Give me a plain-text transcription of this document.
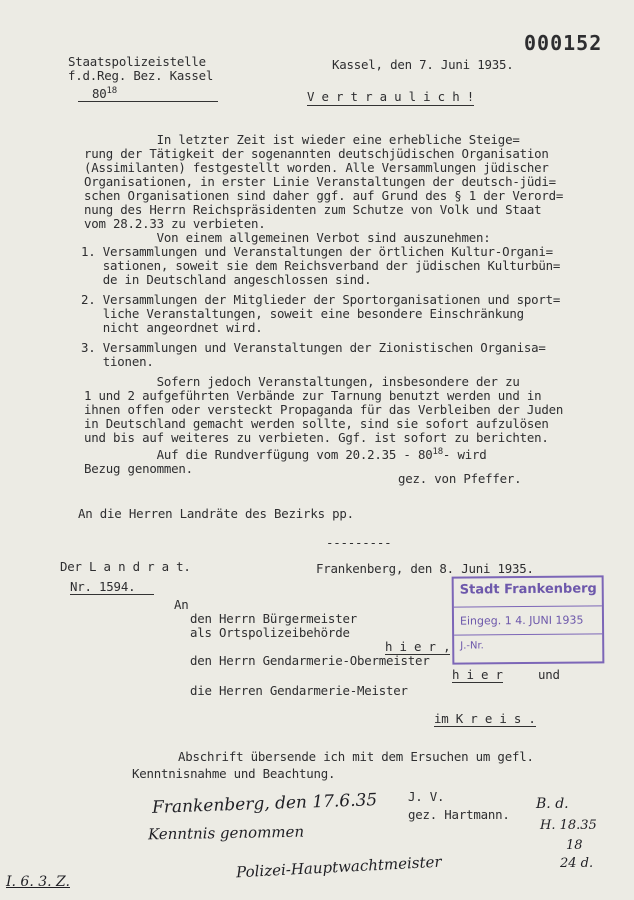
000152
Staatspolizeistelle
f.d.Reg. Bez. Kassel
$80^{18}$
Kassel, den 7. Juni 1935.
V e r t r a u l i c h !

In letzter Zeit ist wieder eine erhebliche Steige=

rung der Tätigkeit der sogenannten deutschjüdischen Organisation

(Assimilanten) festgestellt worden. Alle Versammlungen jüdischer

Organisationen, in erster Linie Veranstaltungen der deutsch-jüdi=

schen Organisationen sind daher ggf. auf Grund des § 1 der Verord=

nung des Herrn Reichspräsidenten zum Schutze von Volk und Staat

vom 28.2.33 zu verbieten.

Von einem allgemeinen Verbot sind auszunehmen:

1. Versammlungen und Veranstaltungen der örtlichen Kultur-Organi=

sationen, soweit sie dem Reichsverband der jüdischen Kulturbün=

de in Deutschland angeschlossen sind.

2. Versammlungen der Mitglieder der Sportorganisationen und sport=

liche Veranstaltungen, soweit eine besondere Einschränkung

nicht angeordnet wird.

3. Versammlungen und Veranstaltungen der Zionistischen Organisa=

tionen.

Sofern jedoch Veranstaltungen, insbesondere der zu

1 und 2 aufgeführten Verbände zur Tarnung benutzt werden und in

ihnen offen oder versteckt Propaganda für das Verbleiben der Juden

in Deutschland gemacht werden sollte, sind sie sofort aufzulösen

und bis auf weiteres zu verbieten. Ggf. ist sofort zu berichten.

Auf die Rundverfügung vom $20.2.35 - 80^{18}-$ wird

Bezug genommen.

gez. von Pfeffer.
An die Herren Landräte des Bezirks pp.
---------
Der L a n d r a t.
Nr. 1594.
Frankenberg, den 8. Juni 1935.
Stadt Frankenberg
Eingeg. 1 4. JUNI 1935
J.-Nr.
An
den Herrn Bürgermeister
als Ortspolizeibehörde
h i e r ,
den Herrn Gendarmerie-Obermeister
h i e r	und
die Herren Gendarmerie-Meister
im K r e i s .
Abschrift übersende ich mit dem Ersuchen um gefl.
Kenntnisnahme und Beachtung.
J. V.
gez. Hartmann.
Frankenberg, den 17.6.35
Kenntnis genommen
Polizei-Hauptwachtmeister
I. 6. 3. Z.
B. d.
H. 18.35
18
24 d.
